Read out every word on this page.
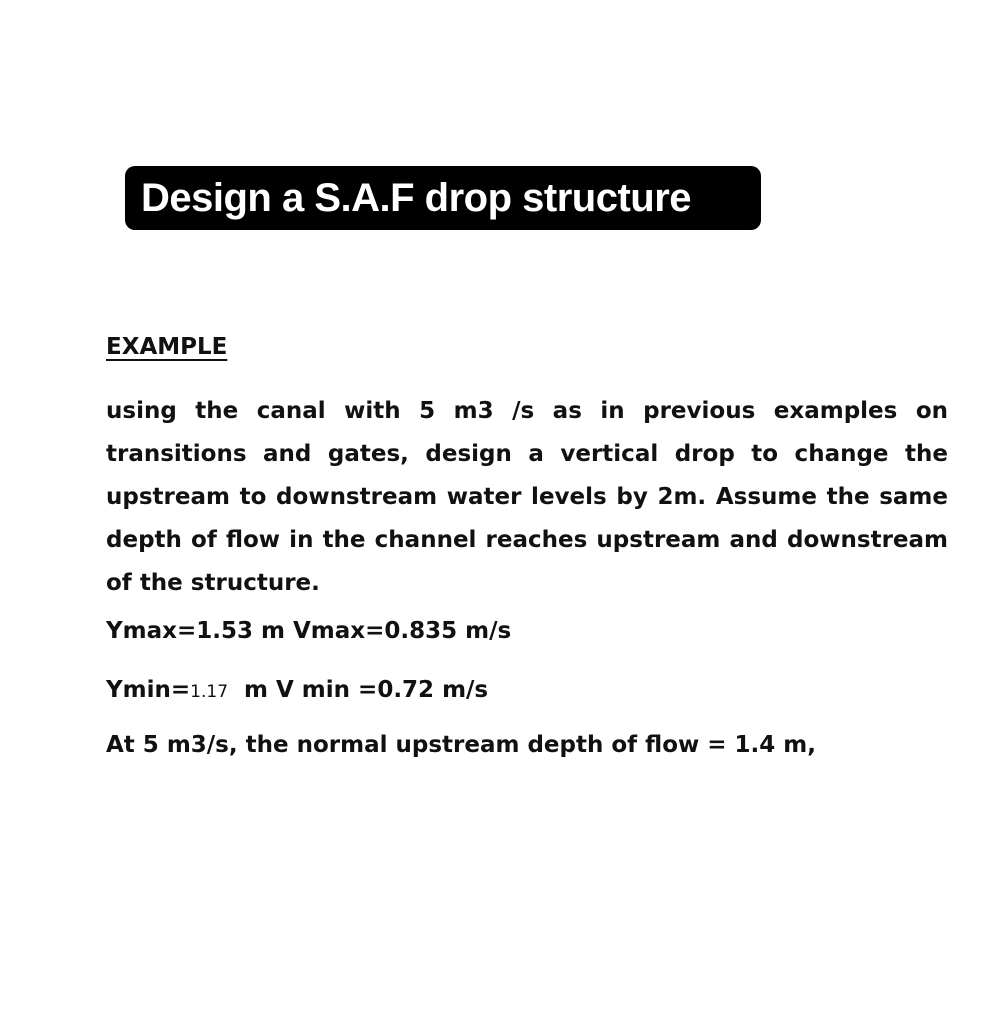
Design a S.A.F drop structure
EXAMPLE

using the canal with 5 m3 /s as in previous examples on transitions and gates, design a vertical drop to change the upstream to downstream water levels by 2m. Assume the same depth of flow in the channel reaches upstream and downstream of the structure.

Ymax=1.53 m Vmax=0.835 m/s
Ymin=1.17  m V min =0.72 m/s
At 5 m3/s, the normal upstream depth of flow = 1.4 m,
